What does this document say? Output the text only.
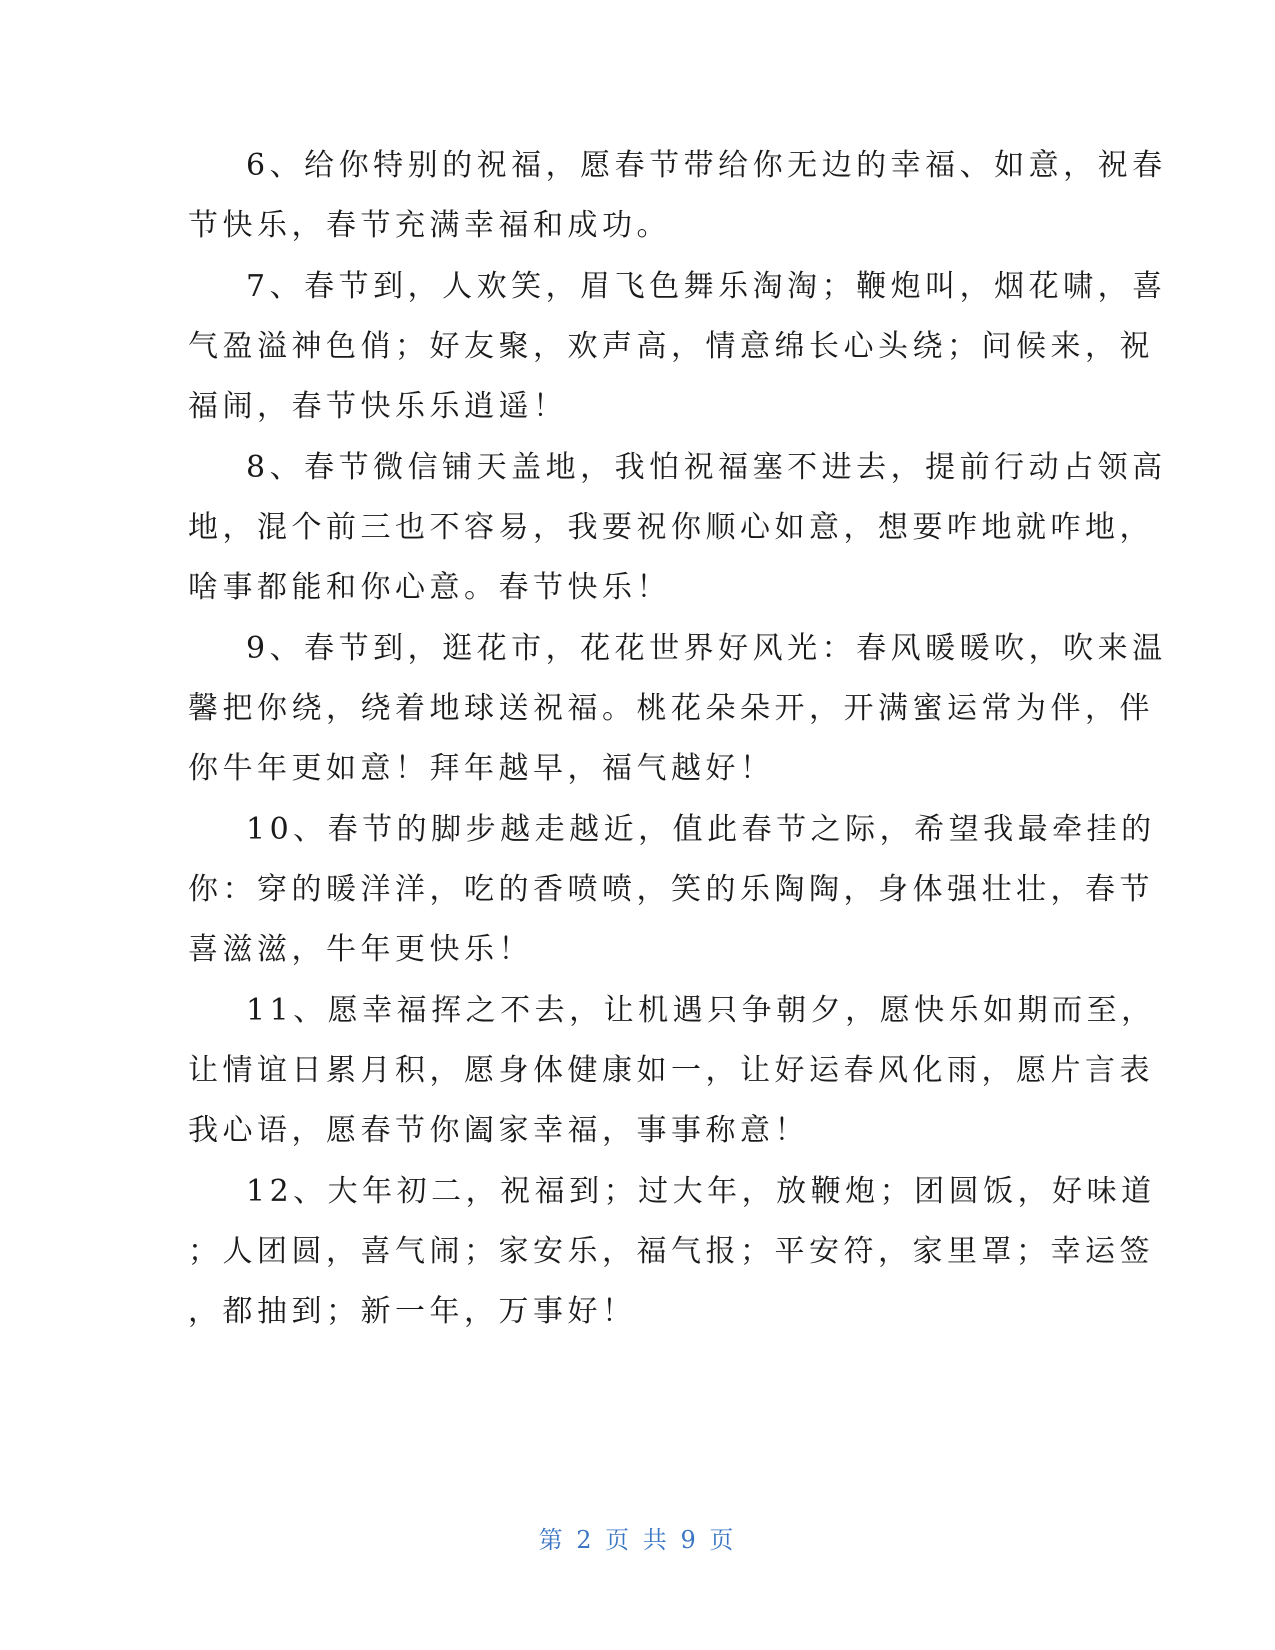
6、给你特别的祝福，愿春节带给你无边的幸福、如意，祝春
节快乐，春节充满幸福和成功。
7、春节到，人欢笑，眉飞色舞乐淘淘；鞭炮叫，烟花啸，喜
气盈溢神色俏；好友聚，欢声高，情意绵长心头绕；问候来，祝
福闹，春节快乐乐逍遥！
8、春节微信铺天盖地，我怕祝福塞不进去，提前行动占领高
地，混个前三也不容易，我要祝你顺心如意，想要咋地就咋地，
啥事都能和你心意。春节快乐！
9、春节到，逛花市，花花世界好风光：春风暖暖吹，吹来温
馨把你绕，绕着地球送祝福。桃花朵朵开，开满蜜运常为伴，伴
你牛年更如意！拜年越早，福气越好！
10、春节的脚步越走越近，值此春节之际，希望我最牵挂的
你：穿的暖洋洋，吃的香喷喷，笑的乐陶陶，身体强壮壮，春节
喜滋滋，牛年更快乐！
11、愿幸福挥之不去，让机遇只争朝夕，愿快乐如期而至，
让情谊日累月积，愿身体健康如一，让好运春风化雨，愿片言表
我心语，愿春节你阖家幸福，事事称意！
12、大年初二，祝福到；过大年，放鞭炮；团圆饭，好味道
；人团圆，喜气闹；家安乐，福气报；平安符，家里罩；幸运签
，都抽到；新一年，万事好！
第 2 页 共 9 页
